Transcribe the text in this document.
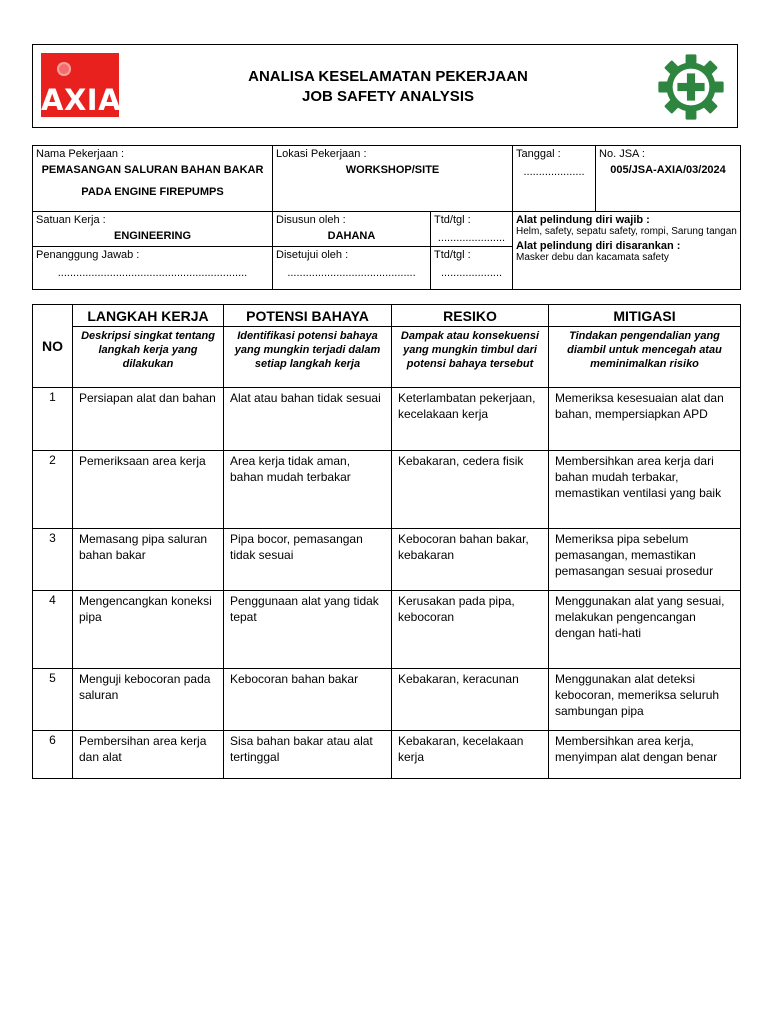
AXIA
ANALISA KESELAMATAN PEKERJAAN
JOB SAFETY ANALYSIS
Nama Pekerjaan :
PEMASANGAN SALURAN BAHAN BAKAR
PADA ENGINE FIREPUMPS	Lokasi Pekerjaan :
WORKSHOP/SITE		Tanggal :
....................	No. JSA :
005/JSA-AXIA/03/2024

Satuan Kerja :
ENGINEERING	Disusun oleh :
DAHANA	Ttd/tgl :
......................	Alat pelindung diri wajib :
Helm, safety, sepatu safety, rompi, Sarung tangan
Alat pelindung diri disarankan :
Masker debu dan kacamata safety	

Penanggung Jawab :
..............................................................	Disetujui oleh :
..........................................	Ttd/tgl :
....................		
NO	LANGKAH KERJA	POTENSI BAHAYA	RESIKO	MITIGASI
	Deskripsi singkat tentang langkah kerja yang dilakukan	Identifikasi potensi bahaya yang mungkin terjadi dalam setiap langkah kerja	Dampak atau konsekuensi yang mungkin timbul dari potensi bahaya tersebut	Tindakan pengendalian yang diambil untuk mencegah atau meminimalkan risiko
1	Persiapan alat dan bahan	Alat atau bahan tidak sesuai	Keterlambatan pekerjaan, kecelakaan kerja	Memeriksa kesesuaian alat dan bahan, mempersiapkan APD
2	Pemeriksaan area kerja	Area kerja tidak aman, bahan mudah terbakar	Kebakaran, cedera fisik	Membersihkan area kerja dari bahan mudah terbakar, memastikan ventilasi yang baik
3	Memasang pipa saluran bahan bakar	Pipa bocor, pemasangan tidak sesuai	Kebocoran bahan bakar, kebakaran	Memeriksa pipa sebelum pemasangan, memastikan pemasangan sesuai prosedur
4	Mengencangkan koneksi pipa	Penggunaan alat yang tidak tepat	Kerusakan pada pipa, kebocoran	Menggunakan alat yang sesuai, melakukan pengencangan dengan hati-hati
5	Menguji kebocoran pada saluran	Kebocoran bahan bakar	Kebakaran, keracunan	Menggunakan alat deteksi kebocoran, memeriksa seluruh sambungan pipa
6	Pembersihan area kerja dan alat	Sisa bahan bakar atau alat tertinggal	Kebakaran, kecelakaan kerja	Membersihkan area kerja, menyimpan alat dengan benar
